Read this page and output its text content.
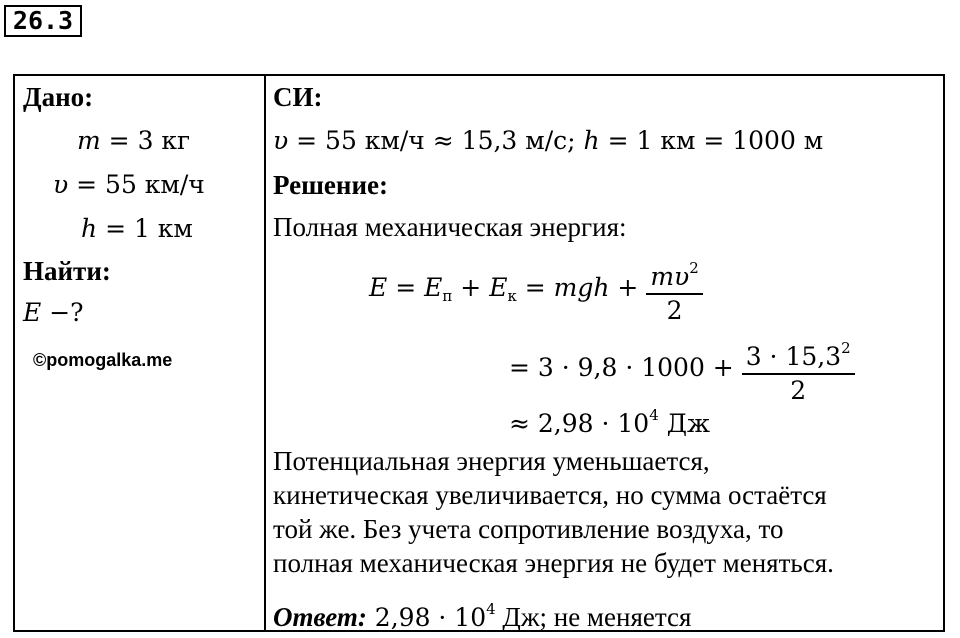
26.3
Дано:
m = 3 кг
υ = 55 км/ч
h = 1 км
Найти:
E −?
©pomogalka.me
СИ:
υ = 55 км/ч ≈ 15,3 м/с; h = 1 км = 1000 м
Решение:
Полная механическая энергия:
$E = E_п + E_к$ = mgh + $\frac{m\upsilon^2}{2}$
= $3 \cdot 9,8 \cdot 1000 + \frac{3 \cdot 15,3^2}{2}$
≈ $2,98 \cdot 10^4$ Дж
Потенциальная энергия уменьшается,
кинетическая увеличивается, но сумма остаётся
той же. Без учета сопротивление воздуха, то
полная механическая энергия не будет меняться.
Ответ: $2,98 \cdot 10^4$ Дж; не меняется
